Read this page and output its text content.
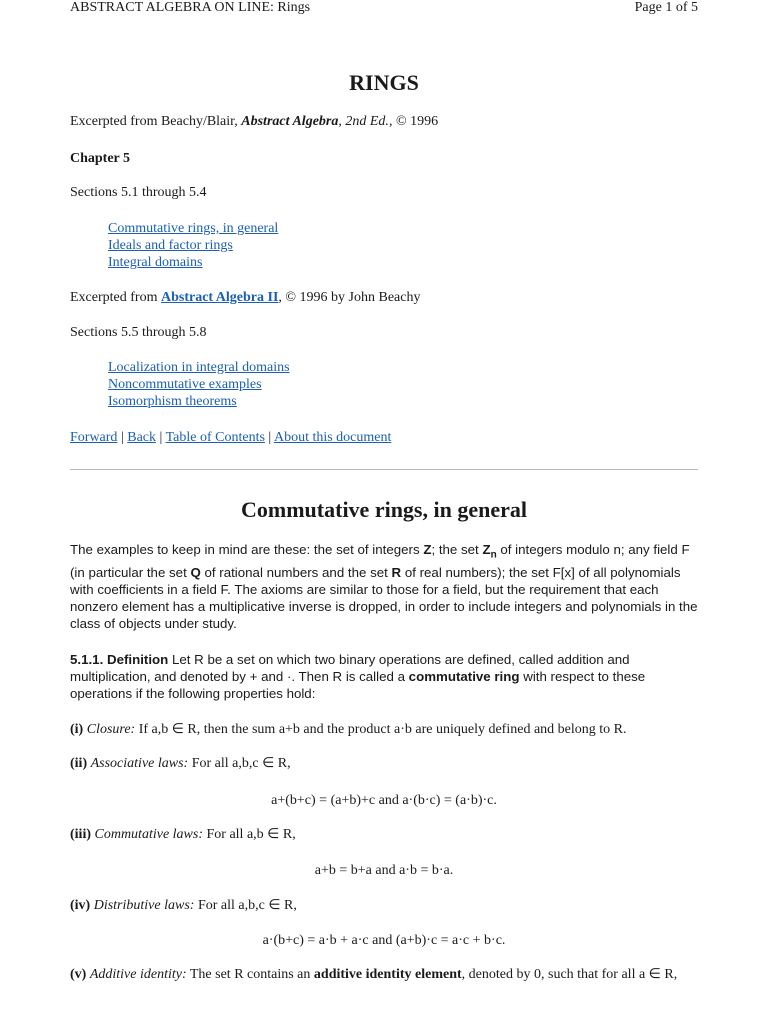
ABSTRACT ALGEBRA ON LINE: Rings	Page 1 of 5
RINGS
Excerpted from Beachy/Blair, Abstract Algebra, 2nd Ed., © 1996
Chapter 5
Sections 5.1 through 5.4
Commutative rings, in general
Ideals and factor rings
Integral domains
Excerpted from Abstract Algebra II, © 1996 by John Beachy
Sections 5.5 through 5.8
Localization in integral domains
Noncommutative examples
Isomorphism theorems
Forward | Back | Table of Contents | About this document
Commutative rings, in general
The examples to keep in mind are these: the set of integers Z; the set $Z_n$ of integers modulo n; any field F (in particular the set Q of rational numbers and the set R of real numbers); the set F[x] of all polynomials with coefficients in a field F. The axioms are similar to those for a field, but the requirement that each nonzero element has a multiplicative inverse is dropped, in order to include integers and polynomials in the class of objects under study.
5.1.1. Definition Let R be a set on which two binary operations are defined, called addition and multiplication, and denoted by + and ·. Then R is called a commutative ring with respect to these operations if the following properties hold:
(i) Closure: If a,b ∈ R, then the sum a+b and the product a·b are uniquely defined and belong to R.
(ii) Associative laws: For all a,b,c ∈ R,
a+(b+c) = (a+b)+c and a·(b·c) = (a·b)·c.
(iii) Commutative laws: For all a,b ∈ R,
a+b = b+a and a·b = b·a.
(iv) Distributive laws: For all a,b,c ∈ R,
a·(b+c) = a·b + a·c and (a+b)·c = a·c + b·c.
(v) Additive identity: The set R contains an additive identity element, denoted by 0, such that for all a ∈ R,
